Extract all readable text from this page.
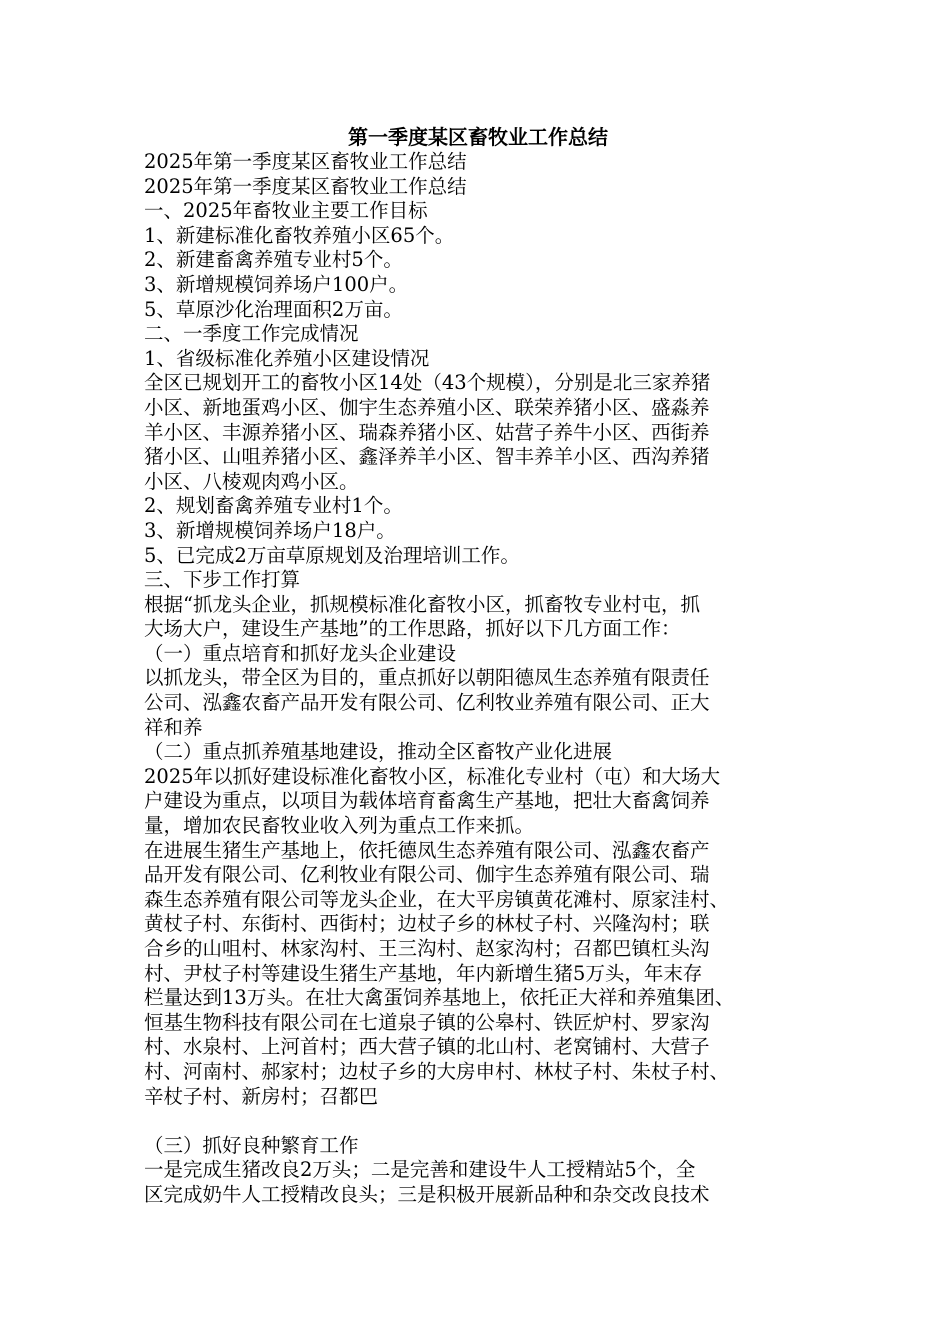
第一季度某区畜牧业工作总结
2025年第一季度某区畜牧业工作总结
2025年第一季度某区畜牧业工作总结
一、2025年畜牧业主要工作目标
1、新建标准化畜牧养殖小区65个。
2、新建畜禽养殖专业村5个。
3、新增规模饲养场户100户。
5、草原沙化治理面积2万亩。
二、一季度工作完成情况
1、省级标准化养殖小区建设情况
全区已规划开工的畜牧小区14处（43个规模），分别是北三家养猪
小区、新地蛋鸡小区、伽宇生态养殖小区、联荣养猪小区、盛淼养
羊小区、丰源养猪小区、瑞森养猪小区、姑营子养牛小区、西街养
猪小区、山咀养猪小区、鑫泽养羊小区、智丰养羊小区、西沟养猪
小区、八棱观肉鸡小区。
2、规划畜禽养殖专业村1个。
3、新增规模饲养场户18户。
5、已完成2万亩草原规划及治理培训工作。
三、下步工作打算
根据“抓龙头企业，抓规模标准化畜牧小区，抓畜牧专业村屯，抓
大场大户，建设生产基地”的工作思路，抓好以下几方面工作：
（一）重点培育和抓好龙头企业建设
以抓龙头，带全区为目的，重点抓好以朝阳德凤生态养殖有限责任
公司、泓鑫农畜产品开发有限公司、亿利牧业养殖有限公司、正大
祥和养
（二）重点抓养殖基地建设，推动全区畜牧产业化进展
2025年以抓好建设标准化畜牧小区，标准化专业村（屯）和大场大
户建设为重点，以项目为载体培育畜禽生产基地，把壮大畜禽饲养
量，增加农民畜牧业收入列为重点工作来抓。
在进展生猪生产基地上，依托德凤生态养殖有限公司、泓鑫农畜产
品开发有限公司、亿利牧业有限公司、伽宇生态养殖有限公司、瑞
森生态养殖有限公司等龙头企业，在大平房镇黄花滩村、原家洼村、
黄杖子村、东街村、西街村；边杖子乡的林杖子村、兴隆沟村；联
合乡的山咀村、林家沟村、王三沟村、赵家沟村；召都巴镇杠头沟
村、尹杖子村等建设生猪生产基地，年内新增生猪5万头，年末存
栏量达到13万头。在壮大禽蛋饲养基地上，依托正大祥和养殖集团、
恒基生物科技有限公司在七道泉子镇的公皋村、铁匠炉村、罗家沟
村、水泉村、上河首村；西大营子镇的北山村、老窝铺村、大营子
村、河南村、郝家村；边杖子乡的大房申村、林杖子村、朱杖子村、
辛杖子村、新房村；召都巴
（三）抓好良种繁育工作
一是完成生猪改良2万头；二是完善和建设牛人工授精站5个，全
区完成奶牛人工授精改良头；三是积极开展新品种和杂交改良技术
